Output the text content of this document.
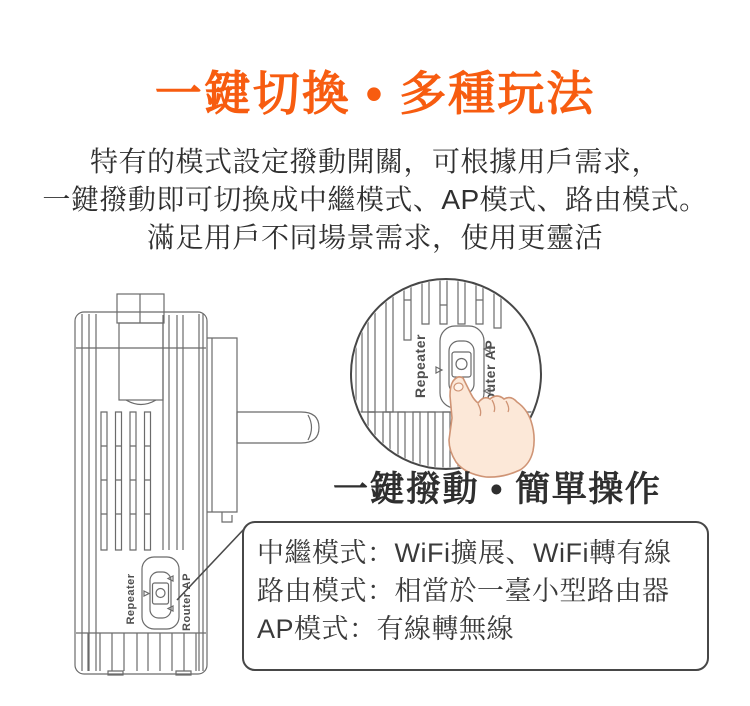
一鍵切換 • 多種玩法
特有的模式設定撥動開關，可根據用戶需求，
一鍵撥動即可切換成中繼模式、AP模式、路由模式。
滿足用戶不同場景需求，使用更靈活
Repeater	Router AP
Repeater	Router AP
一鍵撥動 • 簡單操作
中繼模式：WiFi擴展、WiFi轉有線
路由模式：相當於一臺小型路由器
AP模式：有線轉無線
